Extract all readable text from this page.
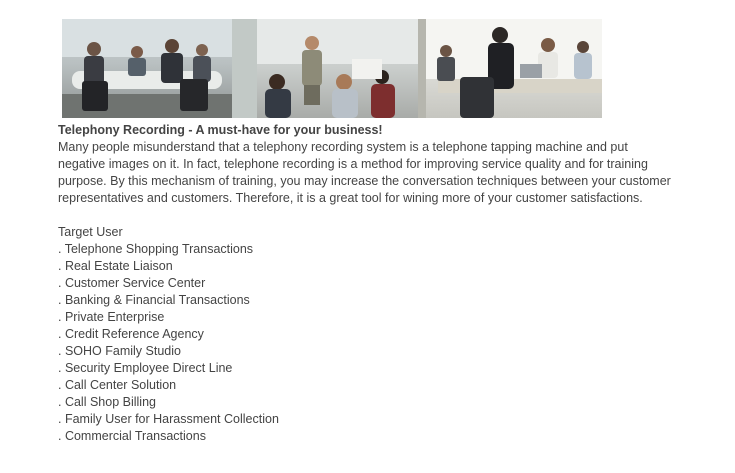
Telephony Recording - A must-have for your business!

Many people misunderstand that a telephony recording system is a telephone tapping machine and put negative images on it. In fact, telephone recording is a method for improving service quality and for training purpose. By this mechanism of training, you may increase the conversation techniques between your customer representatives and customers. Therefore, it is a great tool for wining more of your customer satisfactions.

Target User
. Telephone Shopping Transactions
. Real Estate Liaison
. Customer Service Center
. Banking & Financial Transactions
. Private Enterprise
. Credit Reference Agency
. SOHO Family Studio
. Security Employee Direct Line
. Call Center Solution
. Call Shop Billing
. Family User for Harassment Collection
. Commercial Transactions
